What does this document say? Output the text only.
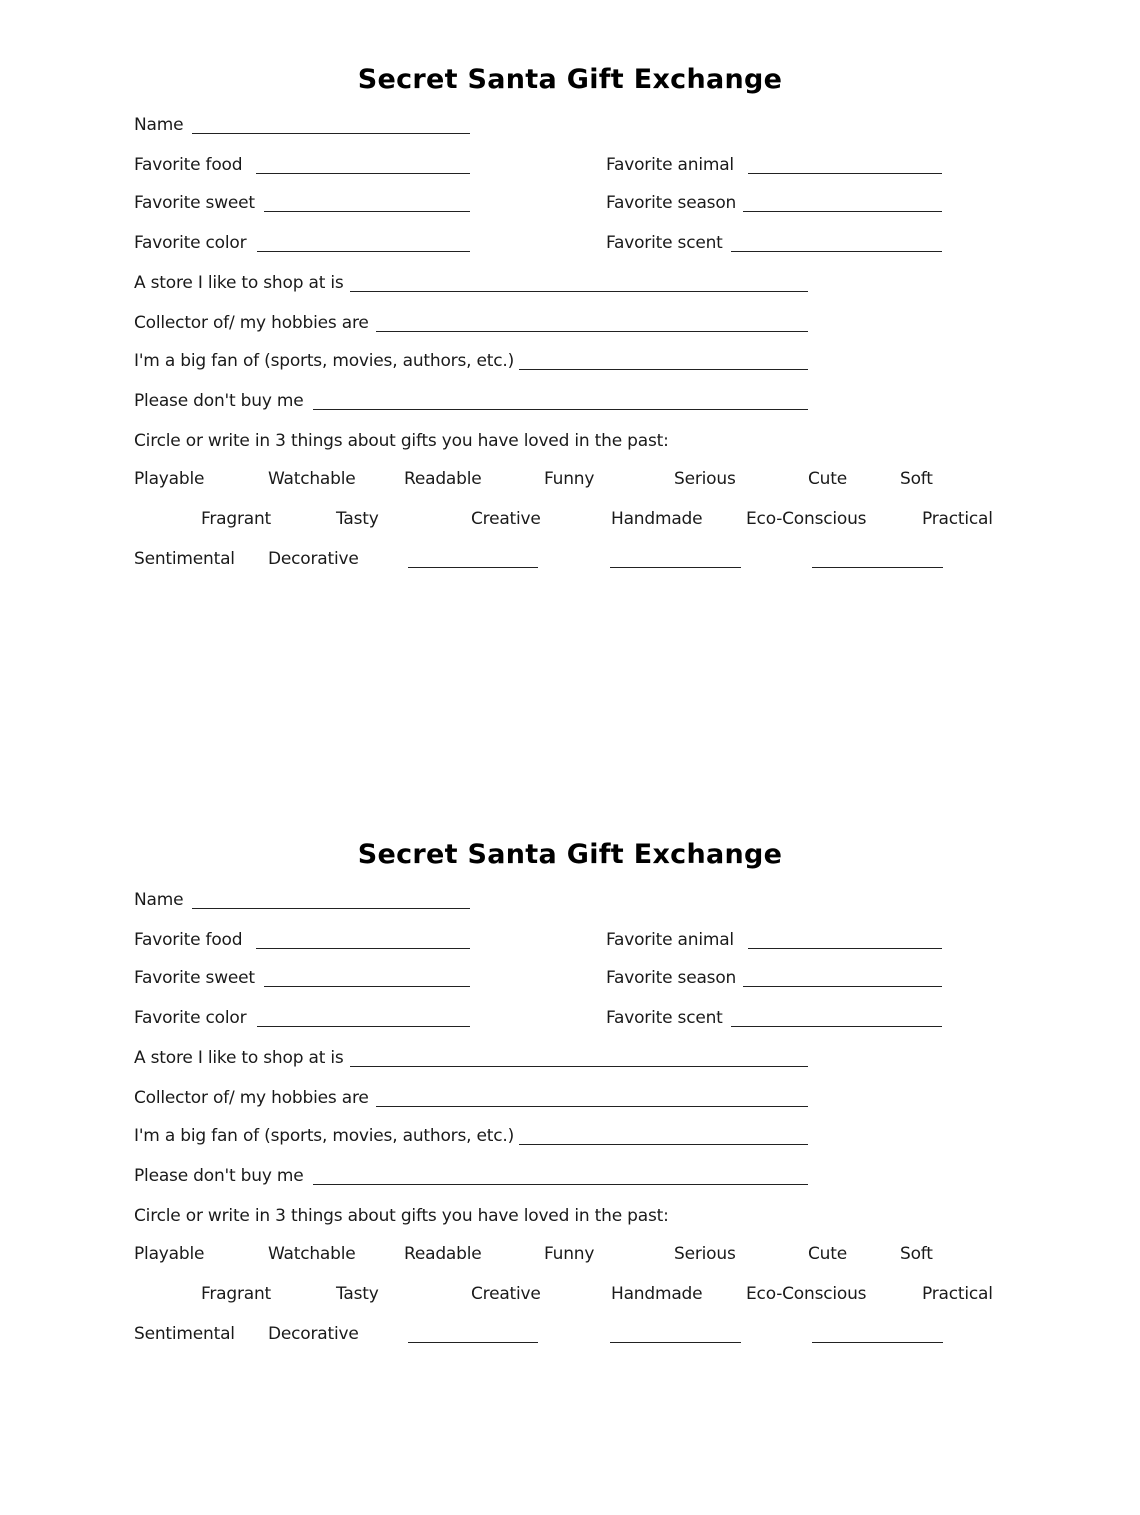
Secret Santa Gift Exchange
Name
Favorite food	Favorite animal
Favorite sweet	Favorite season
Favorite color	Favorite scent
A store I like to shop at is
Collector of/ my hobbies are
I'm a big fan of (sports, movies, authors, etc.)
Please don't buy me
Circle or write in 3 things about gifts you have loved in the past:
Playable	Watchable	Readable	Funny	Serious	Cute	Soft
Fragrant	Tasty	Creative	Handmade	Eco-Conscious	Practical
Sentimental Decorative
Secret Santa Gift Exchange
Name
Favorite food	Favorite animal
Favorite sweet	Favorite season
Favorite color	Favorite scent
A store I like to shop at is
Collector of/ my hobbies are
I'm a big fan of (sports, movies, authors, etc.)
Please don't buy me
Circle or write in 3 things about gifts you have loved in the past:
Playable	Watchable	Readable	Funny	Serious	Cute	Soft
Fragrant	Tasty	Creative	Handmade	Eco-Conscious	Practical
Sentimental Decorative
